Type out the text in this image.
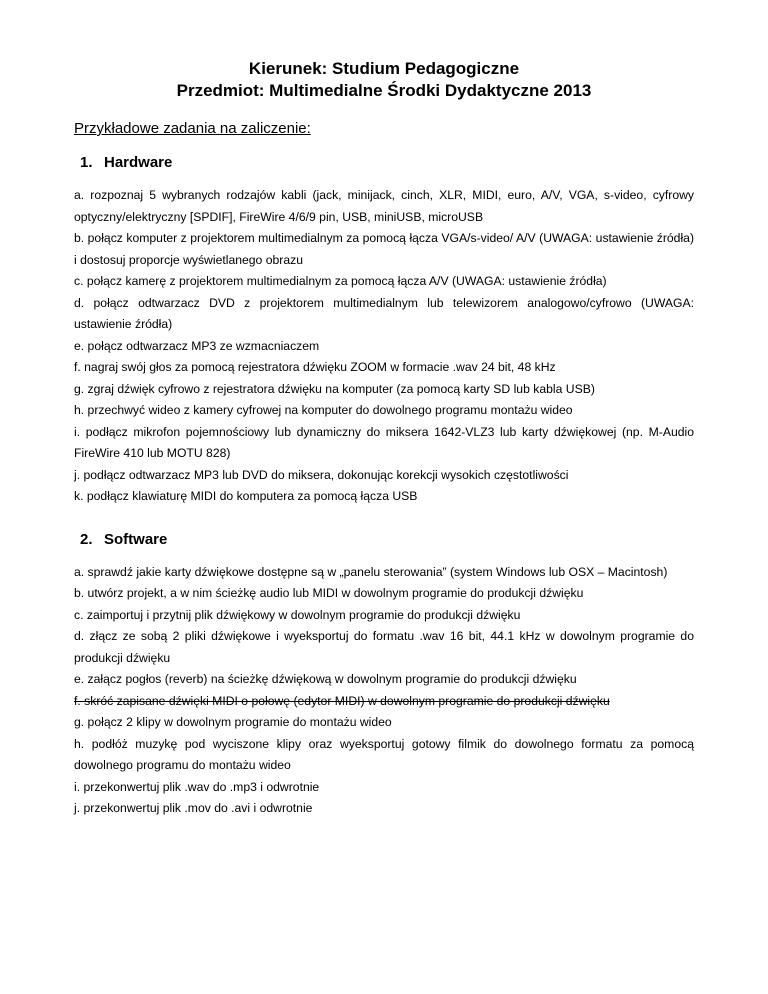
Kierunek: Studium Pedagogiczne

Przedmiot: Multimedialne Środki Dydaktyczne 2013

Przykładowe zadania na zaliczenie:
1. Hardware
a. rozpoznaj 5 wybranych rodzajów kabli (jack, minijack, cinch, XLR, MIDI, euro, A/V, VGA, s-video, cyfrowy optyczny/elektryczny [SPDIF], FireWire 4/6/9 pin, USB, miniUSB, microUSB
b. połącz komputer z projektorem multimedialnym za pomocą łącza VGA/s-video/ A/V (UWAGA: ustawienie źródła) i dostosuj proporcje wyświetlanego obrazu
c. połącz kamerę z projektorem multimedialnym za pomocą łącza A/V (UWAGA: ustawienie źródła)
d. połącz odtwarzacz DVD z projektorem multimedialnym lub telewizorem analogowo/cyfrowo (UWAGA: ustawienie źródła)
e. połącz odtwarzacz MP3 ze wzmacniaczem
f. nagraj swój głos za pomocą rejestratora dźwięku ZOOM w formacie .wav 24 bit, 48 kHz
g. zgraj dźwięk cyfrowo z rejestratora dźwięku na komputer (za pomocą karty SD lub kabla USB)
h. przechwyć wideo z kamery cyfrowej na komputer do dowolnego programu montażu wideo
i. podłącz mikrofon pojemnościowy lub dynamiczny do miksera 1642-VLZ3 lub karty dźwiękowej (np. M-Audio FireWire 410 lub MOTU 828)
j. podłącz odtwarzacz MP3 lub DVD do miksera, dokonując korekcji wysokich częstotliwości
k. podłącz klawiaturę MIDI do komputera za pomocą łącza USB
2. Software
a. sprawdź jakie karty dźwiękowe dostępne są w „panelu sterowania” (system Windows lub OSX – Macintosh)
b. utwórz projekt, a w nim ścieżkę audio lub MIDI w dowolnym programie do produkcji dźwięku
c. zaimportuj i przytnij plik dźwiękowy w dowolnym programie do produkcji dźwięku
d. złącz ze sobą 2 pliki dźwiękowe i wyeksportuj do formatu .wav 16 bit, 44.1 kHz w dowolnym programie do produkcji dźwięku
e. załącz pogłos (reverb) na ścieżkę dźwiękową w dowolnym programie do produkcji dźwięku
f. skróć zapisane dźwięki MIDI o połowę (edytor MIDI) w dowolnym programie do produkcji dźwięku
g. połącz 2 klipy w dowolnym programie do montażu wideo
h. podłóż muzykę pod wyciszone klipy oraz wyeksportuj gotowy filmik do dowolnego formatu za pomocą dowolnego programu do montażu wideo
i. przekonwertuj plik .wav do .mp3 i odwrotnie
j. przekonwertuj plik .mov do .avi i odwrotnie
